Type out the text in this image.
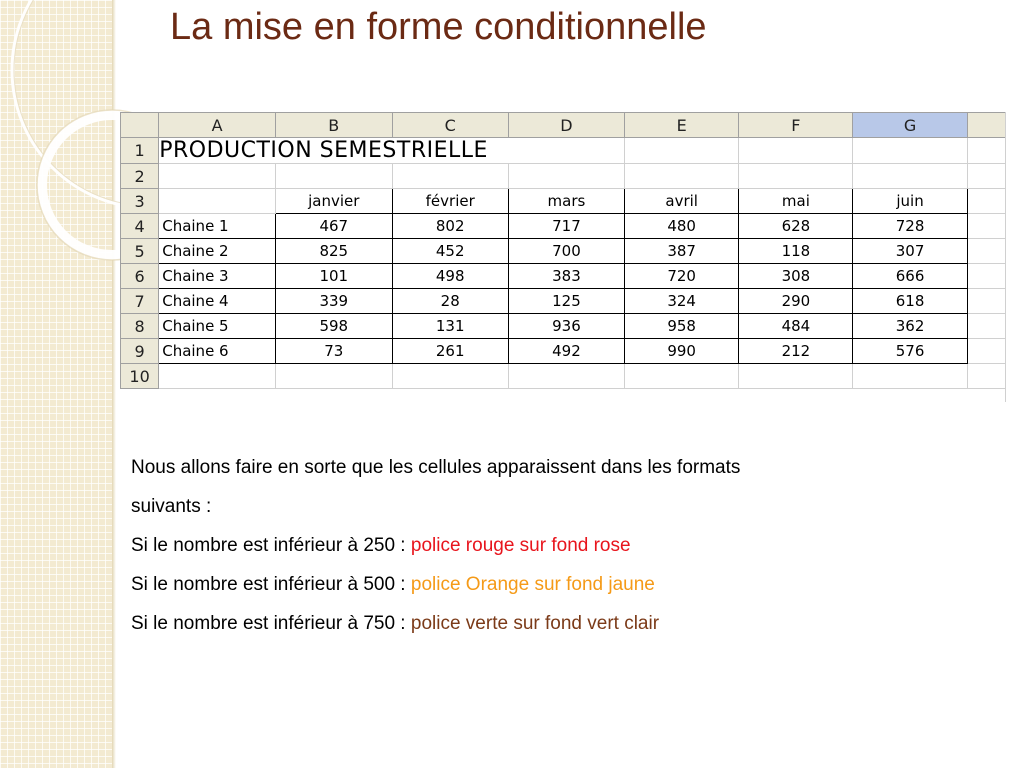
La mise en forme conditionnelle
	A	B	C	D	E	F	G	
1	PRODUCTION SEMESTRIELLE							
2								
3		janvier	février	mars	avril	mai	juin	
4	Chaine 1	467	802	717	480	628	728	
5	Chaine 2	825	452	700	387	118	307	
6	Chaine 3	101	498	383	720	308	666	
7	Chaine 4	339	28	125	324	290	618	
8	Chaine 5	598	131	936	958	484	362	
9	Chaine 6	73	261	492	990	212	576	
10								

Nous allons faire en sorte que les cellules apparaissent dans les formats

suivants :

Si le nombre est inférieur à 250 : police rouge sur fond rose

Si le nombre est inférieur à 500 : police Orange sur fond jaune

Si le nombre est inférieur à 750 : police verte sur fond vert clair
